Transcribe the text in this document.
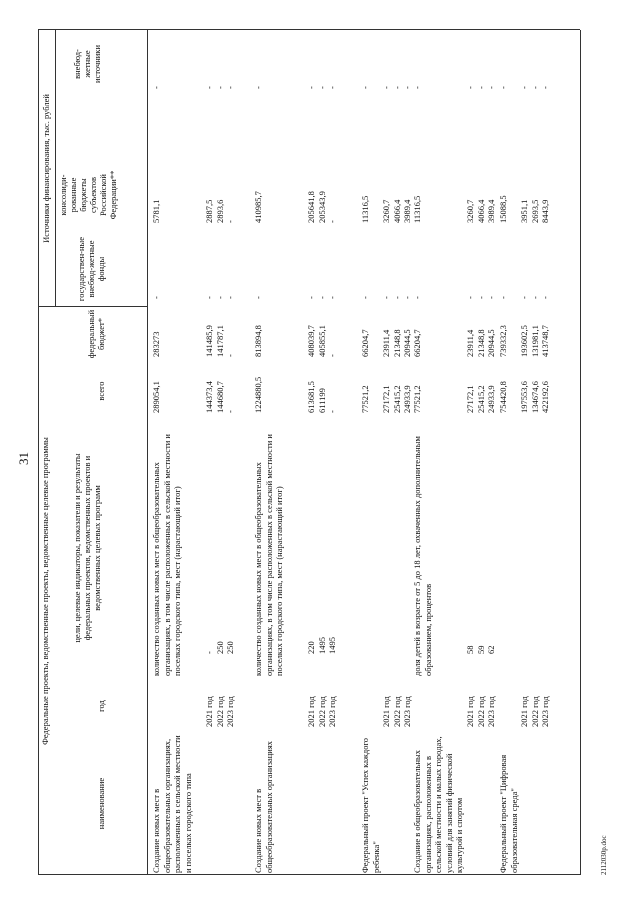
31 Федеральные проекты, ведомственные проекты, ведомственные целевые программы
Источники финансирования, тыс. рублей
наименование
год
цели, целевые индикаторы, показатели и результаты федеральных проектов, ведомственных проектов и ведомственных целевых программ
всего
федеральный бюджет*
государствен-ные внебюд-жетные фонды
консолиди-рованные бюджеты субъектов Российской Федерации**
внебюд-жетные источники
Создание новых мест в общеобразовательных организациях, расположенных в сельской местности и поселках городского типа
количество созданных новых мест в общеобразовательных организациях, в том числе расположенных в сельской местности и поселках городского типа, мест (нарастающий итог)
289054,1
283273
-
5781,1
-
2021 год
-
144373,4
141485,9
-
2887,5
-
2022 год
250
144680,7
141787,1
-
2893,6
-
2023 год
250
-
-
-
-
-
Создание новых мест в общеобразовательных организациях
количество созданных новых мест в общеобразовательных организациях, в том числе расположенных в сельской местности и поселках городского типа, мест (нарастающий итог)
1224880,5
813894,8
-
410985,7
-
2021 год
220
613681,5
408039,7
-
205641,8
-
2022 год
1495
611199
405855,1
-
205343,9
-
2023 год
1495
-
-
-
-
-
Федеральный проект "Успех каждого ребенка"
77521,2
66204,7
-
11316,5
-
2021 год
27172,1
23911,4
-
3260,7
-
2022 год
25415,2
21348,8
-
4066,4
-
2023 год
24933,9
20944,5
-
3989,4
-
Создание в общеобразовательных организациях, расположенных в сельской местности и малых городах, условий для занятий физической культурой и спортом
доля детей в возрасте от 5 до 18 лет, охваченных дополнительным образованием, процентов
77521,2
66204,7
-
11316,5
-
2021 год
58
27172,1
23911,4
-
3260,7
-
2022 год
59
25415,2
21348,8
-
4066,4
-
2023 год
62
24933,9
20944,5
-
3989,4
-
Федеральный проект "Цифровая образовательная среда"
754420,8
739332,3
-
15088,5
-
2021 год
197553,6
193602,5
-
3951,1
-
2022 год
134674,6
131981,1
-
2693,5
-
2023 год
422192,6
413748,7
-
8443,9
-
2112030р.doc
